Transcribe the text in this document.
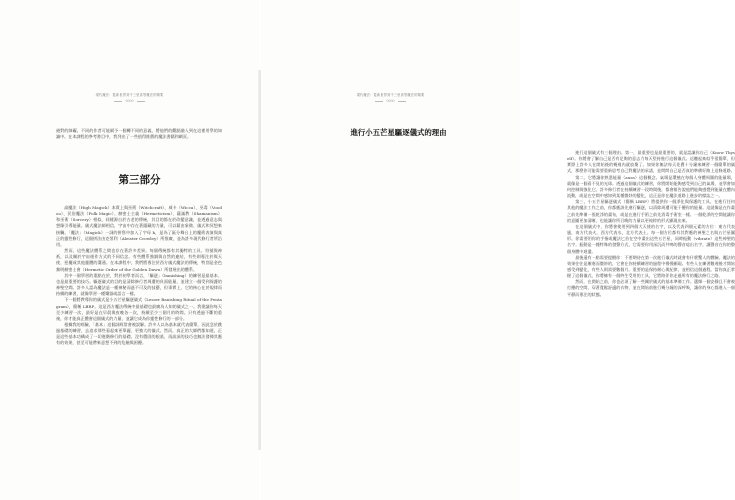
現代魔法：從新世界到千三里高等魔法的精要
0000

避對的障礙。不同的作者可能賦予一個轉不同的意義，將他們的觀點融入到在這裡用學的知識中。在本課程的參考書目中，我列出了一些值得推薦的魔法書籍和網頁。

第三部分

高魔法（High Magick）本質上與巫術（Witchcraft）、威卡（Wicca）、巫毒（Voodoo）、民俗魔法（Folk Magic）、赫密士主義（Hermeticism）、薩滿教（Shamanism）和巫術（Sorcery）相似，同樣源自於古老的傳統，其目的都在於改變意識，並透過意志與想像引導能量。儀式魔法師相信，宇宙中存在著隱藏的力量，可以藉由象徵、儀式和冥想來接觸。「魔法」（Magick）一詞的拼寫中加入了字母 k，是為了區分舞台上的魔術表演與真正的靈性修行，這個拼法由克勞利（Aleister Crowley）所推廣，並為許多現代修行者所沿用。

然而，這些魔法體系之間也存在著許多差異。每個傳統都有其獨特的工具、符號與神祇，以及關於宇宙運作方式的不同信念。有些體系強調與自然的連結，有些則專注於與天使、惡魔或其他靈體的溝通。在本課程中，我們將專注於西方儀式魔法的傳統，特別是金色黎明赫密士會（Hermetic Order of the Golden Dawn）所發展出的體系。

其中一個學習的重點在於，對於初學者而言，「驅逐」（banishing）的練習是最基本、也是最重要的技巧。驅逐儀式的目的是清除修行者周遭的負面能量，並建立一個受到保護的神聖空間。許多人認為魔法是一種神秘而遙不可及的技藝，但事實上，它的核心在於規律而持續的練習，就像學習一種樂器或語言一樣。

下一個將教導你的儀式是小五芒星驅逐儀式（Lesser Banishing Ritual of the Pentagram），簡稱 LBRP。這是西方魔法傳統中最基礎也最廣為人知的儀式之一。我建議你每天至少練習一次，最好是在早晨與夜晚各一次，持續至少三個月的時間。只有透過不斷的重複，你才能真正體會這個儀式的力量，並讓它成為你靈性修行的一部分。

根據我的經驗，「基本」這個詞經常會被誤解。許多人以為基本就代表簡單，因此急於跳過基礎的練習，去追求那些看起來更華麗、更強大的儀式。然而，真正的大師們都知道，正是這些基本功構成了一切進階修行的基礎。沒有穩固的根基，再高深的技巧也無法發揮其應有的效果，甚至可能帶來意想不到的危險與困擾。

現代魔法：從新世界到千三里高等魔法的精要
0000
進行小五芒星驅逐儀式的理由

進行這個儀式有三個理由。第一，最重要也是最重要的，就是認識你自己（Know Thyself）。你將會了解自己是否有足夠的意志力每天堅持進行這個儀式。這聽起來似乎很簡單，但實際上許多人在開始後的幾週內就放棄了。如果你無法每天花費十分鐘來練習一個簡單的儀式，那麼你可能需要重新思考自己對魔法的承諾，並問問自己是否真的準備好踏上這條道路。

第二，它將讓你熟悉能量（aura）這個概念。氣場是環繞在每個人身體周圍的能量場，就像是一個看不見的光球。透過這個儀式的練習，你將開始能夠感受到自己的氣場，並學會如何控制與強化它。許多修行者在持續練習一段時間後，都會報告說他們能夠感覺到能量在體內流動，或是在空間中感知到某種微妙的變化，這正是你在魔法道路上進步的標誌之一。

第三，小五芒星驅逐儀式（簡稱 LBRP）將提供你一個淨化與保護的工具。在進行任何其他的魔法工作之前，你都應該先進行驅逐，以清除周遭可能干擾你的能量。這就像是在作畫之前先準備一張乾淨的畫布，或是在進行手術之前先消毒手術室一樣。一個乾淨的空間能讓你的意圖更加清晰，也能讓你所召喚的力量以更純粹的形式顯現出來。

在這個儀式中，你將會使用到四個大天使的名字，以及代表四個元素的方位：東方代表風，南方代表火，西方代表水，北方代表土。每一個方位都有其對應的神聖之名與五芒星圖形。你需要用你的手指或魔法匕首在空中畫出這些五芒星，同時振動（vibrate）這些神聖的名字。振動是一種特殊的發聲方式，它需要你用深沉而共鳴的聲音唸出名字，讓聲音在你的整個身體中迴盪。

最後還有一點需要提醒你：不要期待在第一次進行儀式時就會有什麼驚人的體驗。魔法的效果往往是漸進而微妙的，它會在你持續練習的過程中慢慢顯現。有些人在練習數週後才開始感受到變化，有些人則需要數個月。重要的是保持耐心與紀律，並相信這個過程。當你真正掌握了這個儀式，你將擁有一個終生受用的工具，它將陪伴你走過所有的魔法修行之路。

然而，在開始之前，你也必須了解一些關於儀式的基本準備工作。選擇一個安靜且不會被打擾的空間，穿著寬鬆舒適的衣物，並在開始前進行幾分鐘的深呼吸，讓你的身心都進入一個平靜而專注的狀態。
